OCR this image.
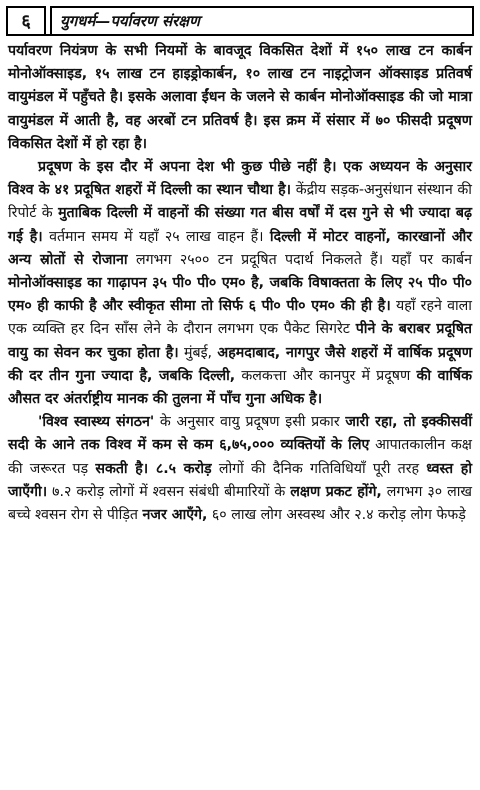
६	युगधर्म—पर्यावरण संरक्षण

पर्यावरण नियंत्रण के सभी नियमों के बावजूद विकसित देशों में १५० लाख टन कार्बन मोनोऑक्साइड, १५ लाख टन हाइड्रोकार्बन, १० लाख टन नाइट्रोजन ऑक्साइड प्रतिवर्ष वायुमंडल में पहुँचते है। इसके अलावा ईंधन के जलने से कार्बन मोनोऑक्साइड की जो मात्रा वायुमंडल में आती है, वह अरबों टन प्रतिवर्ष है। इस क्रम में संसार में ७० फीसदी प्रदूषण विकसित देशों में हो रहा है।

प्रदूषण के इस दौर में अपना देश भी कुछ पीछे नहीं है। एक अध्ययन के अनुसार विश्व के ४१ प्रदूषित शहरों में दिल्ली का स्थान चौथा है। केंद्रीय सड़क-अनुसंधान संस्थान की रिपोर्ट के मुताबिक दिल्ली में वाहनों की संख्या गत बीस वर्षों में दस गुने से भी ज्यादा बढ़ गई है। वर्तमान समय में यहाँ २५ लाख वाहन हैं। दिल्ली में मोटर वाहनों, कारखानों और अन्य स्रोतों से रोजाना लगभग २५०० टन प्रदूषित पदार्थ निकलते हैं। यहाँ पर कार्बन मोनोऑक्साइड का गाढ़ापन ३५ पी० पी० एम० है, जबकि विषाक्तता के लिए २५ पी० पी० एम० ही काफी है और स्वीकृत सीमा तो सिर्फ ६ पी० पी० एम० की ही है। यहाँ रहने वाला एक व्यक्ति हर दिन साँस लेने के दौरान लगभग एक पैकेट सिगरेट पीने के बराबर प्रदूषित वायु का सेवन कर चुका होता है। मुंबई, अहमदाबाद, नागपुर जैसे शहरों में वार्षिक प्रदूषण की दर तीन गुना ज्यादा है, जबकि दिल्ली, कलकत्ता और कानपुर में प्रदूषण की वार्षिक औसत दर अंतर्राष्ट्रीय मानक की तुलना में पाँच गुना अधिक है।

'विश्व स्वास्थ्य संगठन' के अनुसार वायु प्रदूषण इसी प्रकार जारी रहा, तो इक्कीसवीं सदी के आने तक विश्व में कम से कम ६,७५,००० व्यक्तियों के लिए आपातकालीन कक्ष की जरूरत पड़ सकती है। ८.५ करोड़ लोगों की दैनिक गतिविधियाँ पूरी तरह ध्वस्त हो जाएँगी। ७.२ करोड़ लोगों में श्वसन संबंधी बीमारियों के लक्षण प्रकट होंगे, लगभग ३० लाख बच्चे श्वसन रोग से पीड़ित नजर आएँगे, ६० लाख लोग अस्वस्थ और २.४ करोड़ लोग फेफड़े
